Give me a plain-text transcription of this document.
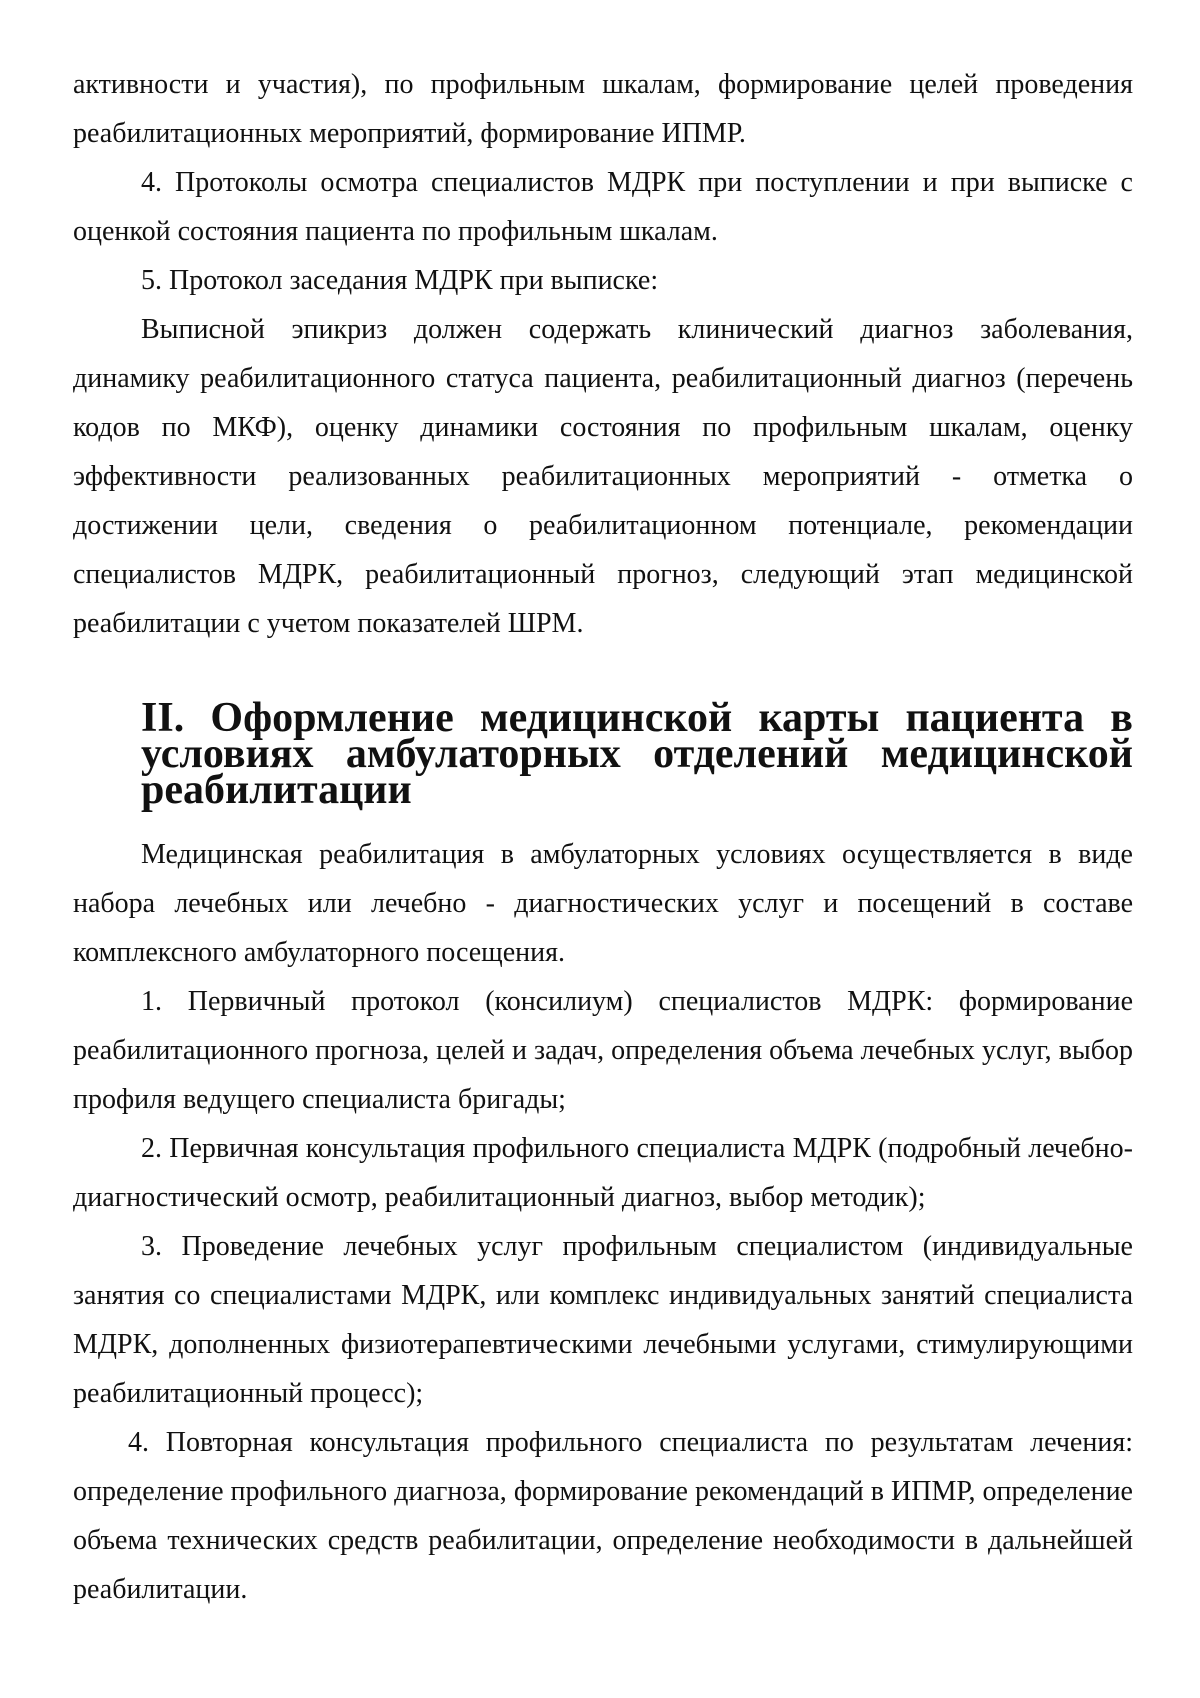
активности и участия), по профильным шкалам, формирование целей проведения реабилитационных мероприятий, формирование ИПМР.

4. Протоколы осмотра специалистов МДРК при поступлении и при выписке с оценкой состояния пациента по профильным шкалам.

5. Протокол заседания МДРК при выписке:

Выписной эпикриз должен содержать клинический диагноз заболевания, динамику реабилитационного статуса пациента, реабилитационный диагноз (перечень кодов по МКФ), оценку динамики состояния по профильным шкалам, оценку эффективности реализованных реабилитационных мероприятий - отметка о достижении цели, сведения о реабилитационном потенциале, рекомендации специалистов МДРК, реабилитационный прогноз, следующий этап медицинской реабилитации с учетом показателей ШРМ.

II. Оформление медицинской карты пациента в условиях амбулаторных отделений медицинской реабилитации

Медицинская реабилитация в амбулаторных условиях осуществляется в виде набора лечебных или лечебно - диагностических услуг и посещений в составе комплексного амбулаторного посещения.

1. Первичный протокол (консилиум) специалистов МДРК: формирование реабилитационного прогноза, целей и задач, определения объема лечебных услуг, выбор профиля ведущего специалиста бригады;

2. Первичная консультация профильного специалиста МДРК (подробный лечебно-диагностический осмотр, реабилитационный диагноз, выбор методик);

3. Проведение лечебных услуг профильным специалистом (индивидуальные занятия со специалистами МДРК, или комплекс индивидуальных занятий специалиста МДРК, дополненных физиотерапевтическими лечебными услугами, стимулирующими реабилитационный процесс);

4. Повторная консультация профильного специалиста по результатам лечения: определение профильного диагноза, формирование рекомендаций в ИПМР, определение объема технических средств реабилитации, определение необходимости в дальнейшей реабилитации.
